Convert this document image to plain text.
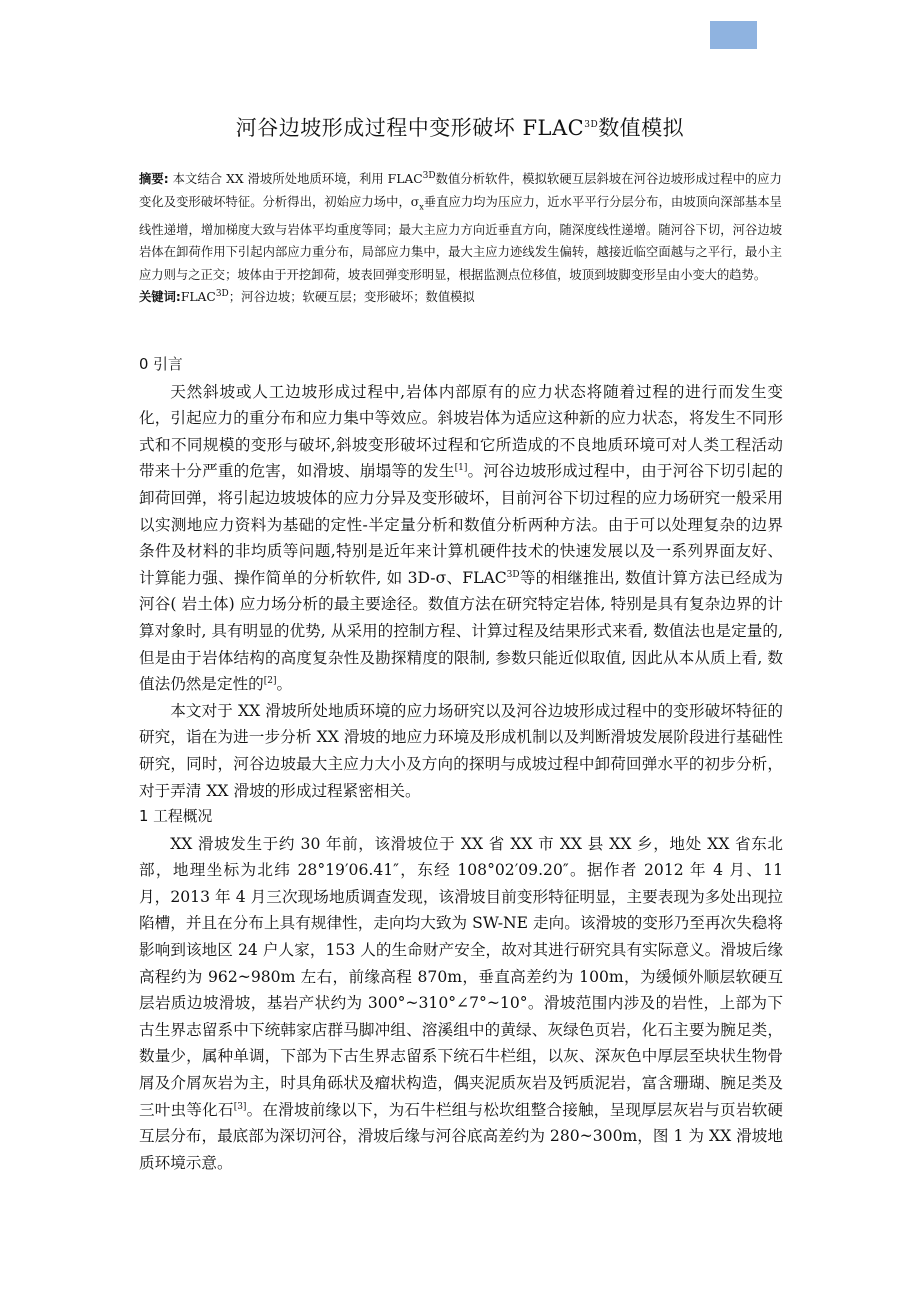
河谷边坡形成过程中变形破坏 $FLAC^{3D}$数值模拟
摘要: 本文结合 XX 滑坡所处地质环境，利用 $FLAC^{3D}$数值分析软件，模拟软硬互层斜坡在河谷边坡形成过程中的应力变化及变形破坏特征。分析得出，初始应力场中，$\sigma_x$垂直应力均为压应力，近水平平行分层分布，由坡顶向深部基本呈线性递增，增加梯度大致与岩体平均重度等同；最大主应力方向近垂直方向，随深度线性递增。随河谷下切，河谷边坡岩体在卸荷作用下引起内部应力重分布，局部应力集中，最大主应力迹线发生偏转，越接近临空面越与之平行，最小主应力则与之正交；坡体由于开挖卸荷，坡表回弹变形明显，根据监测点位移值，坡顶到坡脚变形呈由小变大的趋势。
关键词$:FLAC^{3D}$；河谷边坡；软硬互层；变形破坏；数值模拟
0 引言

天然斜坡或人工边坡形成过程中,岩体内部原有的应力状态将随着过程的进行而发生变化，引起应力的重分布和应力集中等效应。斜坡岩体为适应这种新的应力状态，将发生不同形式和不同规模的变形与破坏,斜坡变形破坏过程和它所造成的不良地质环境可对人类工程活动带来十分严重的危害，如滑坡、崩塌等的发生[1]。河谷边坡形成过程中，由于河谷下切引起的卸荷回弹，将引起边坡坡体的应力分异及变形破坏，目前河谷下切过程的应力场研究一般采用以实测地应力资料为基础的定性-半定量分析和数值分析两种方法。由于可以处理复杂的边界条件及材料的非均质等问题,特别是近年来计算机硬件技术的快速发展以及一系列界面友好、计算能力强、操作简单的分析软件, 如 3D-σ、$FLAC^{3D}$等的相继推出, 数值计算方法已经成为河谷( 岩土体) 应力场分析的最主要途径。数值方法在研究特定岩体, 特别是具有复杂边界的计算对象时, 具有明显的优势, 从采用的控制方程、计算过程及结果形式来看, 数值法也是定量的, 但是由于岩体结构的高度复杂性及勘探精度的限制, 参数只能近似取值, 因此从本从质上看, 数值法仍然是定性的[2]。

本文对于 XX 滑坡所处地质环境的应力场研究以及河谷边坡形成过程中的变形破坏特征的研究，诣在为进一步分析 XX 滑坡的地应力环境及形成机制以及判断滑坡发展阶段进行基础性研究，同时，河谷边坡最大主应力大小及方向的探明与成坡过程中卸荷回弹水平的初步分析，对于弄清 XX 滑坡的形成过程紧密相关。

1 工程概况

XX 滑坡发生于约 30 年前，该滑坡位于 XX 省 XX 市 XX 县 XX 乡，地处 XX 省东北部，地理坐标为北纬 28°19′06.41″，东经 108°02′09.20″。据作者 2012 年 4 月、11 月，2013 年 4 月三次现场地质调查发现，该滑坡目前变形特征明显，主要表现为多处出现拉陷槽，并且在分布上具有规律性，走向均大致为 SW-NE 走向。该滑坡的变形乃至再次失稳将影响到该地区 24 户人家，153 人的生命财产安全，故对其进行研究具有实际意义。滑坡后缘高程约为 962~980m 左右，前缘高程 870m，垂直高差约为 100m，为缓倾外顺层软硬互层岩质边坡滑坡，基岩产状约为 300°~310°∠7°~10°。滑坡范围内涉及的岩性，上部为下古生界志留系中下统韩家店群马脚冲组、溶溪组中的黄绿、灰绿色页岩，化石主要为腕足类，数量少，属种单调，下部为下古生界志留系下统石牛栏组，以灰、深灰色中厚层至块状生物骨屑及介屑灰岩为主，时具角砾状及瘤状构造，偶夹泥质灰岩及钙质泥岩，富含珊瑚、腕足类及三叶虫等化石[3]。在滑坡前缘以下，为石牛栏组与松坎组整合接触，呈现厚层灰岩与页岩软硬互层分布，最底部为深切河谷，滑坡后缘与河谷底高差约为 280~300m，图 1 为 XX 滑坡地质环境示意。
